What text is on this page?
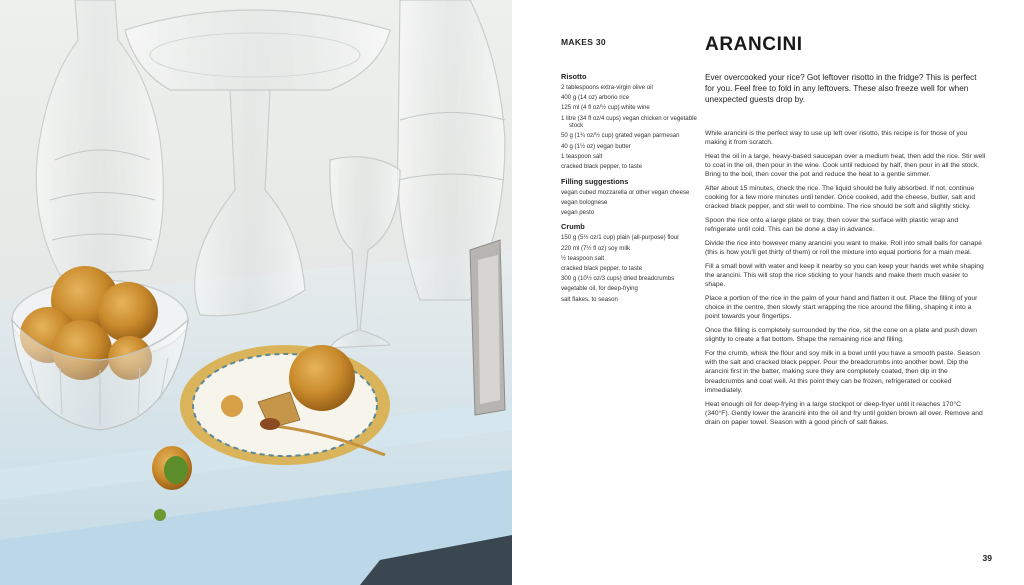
MAKES 30	ARANCINI
Risotto
2 tablespoons extra-virgin olive oil
400 g (14 oz) arborio rice
125 ml (4 fl oz/½ cup) white wine
1 litre (34 fl oz/4 cups) vegan chicken or vegetable stock
50 g (1¾ oz/½ cup) grated vegan parmesan
40 g (1½ oz) vegan butter
1 teaspoon salt
cracked black pepper, to taste
Filling suggestions
vegan cubed mozzarella or other vegan cheese
vegan bolognese
vegan pesto
Crumb
150 g (5½ oz/1 cup) plain (all-purpose) flour
220 ml (7½ fl oz) soy milk
½ teaspoon salt
cracked black pepper, to taste
300 g (10½ oz/3 cups) dried breadcrumbs
vegetable oil, for deep-frying
salt flakes, to season

Ever overcooked your rice? Got leftover risotto in the fridge? This is perfect for you. Feel free to fold in any leftovers. These also freeze well for when unexpected guests drop by.

While arancini is the perfect way to use up left over risotto, this recipe is for those of you making it from scratch.

Heat the oil in a large, heavy-based saucepan over a medium heat, then add the rice. Stir well to coat in the oil, then pour in the wine. Cook until reduced by half, then pour in all the stock. Bring to the boil, then cover the pot and reduce the heat to a gentle simmer.

After about 15 minutes, check the rice. The liquid should be fully absorbed. If not, continue cooking for a few more minutes until tender. Once cooked, add the cheese, butter, salt and cracked black pepper, and stir well to combine. The rice should be soft and slightly sticky.

Spoon the rice onto a large plate or tray, then cover the surface with plastic wrap and refrigerate until cold. This can be done a day in advance.

Divide the rice into however many arancini you want to make. Roll into small balls for canapé (this is how you'll get thirty of them) or roll the mixture into equal portions for a main meal.

Fill a small bowl with water and keep it nearby so you can keep your hands wet while shaping the arancini. This will stop the rice sticking to your hands and make them much easier to shape.

Place a portion of the rice in the palm of your hand and flatten it out. Place the filling of your choice in the centre, then slowly start wrapping the rice around the filling, shaping it into a point towards your fingertips.

Once the filling is completely surrounded by the rice, sit the cone on a plate and push down slightly to create a flat bottom. Shape the remaining rice and filling.

For the crumb, whisk the flour and soy milk in a bowl until you have a smooth paste. Season with the salt and cracked black pepper. Pour the breadcrumbs into another bowl. Dip the arancini first in the batter, making sure they are completely coated, then dip in the breadcrumbs and coat well. At this point they can be frozen, refrigerated or cooked immediately.

Heat enough oil for deep-frying in a large stockpot or deep-fryer until it reaches 170°C (340°F). Gently lower the arancini into the oil and fry until golden brown all over. Remove and drain on paper towel. Season with a good pinch of salt flakes.

39
